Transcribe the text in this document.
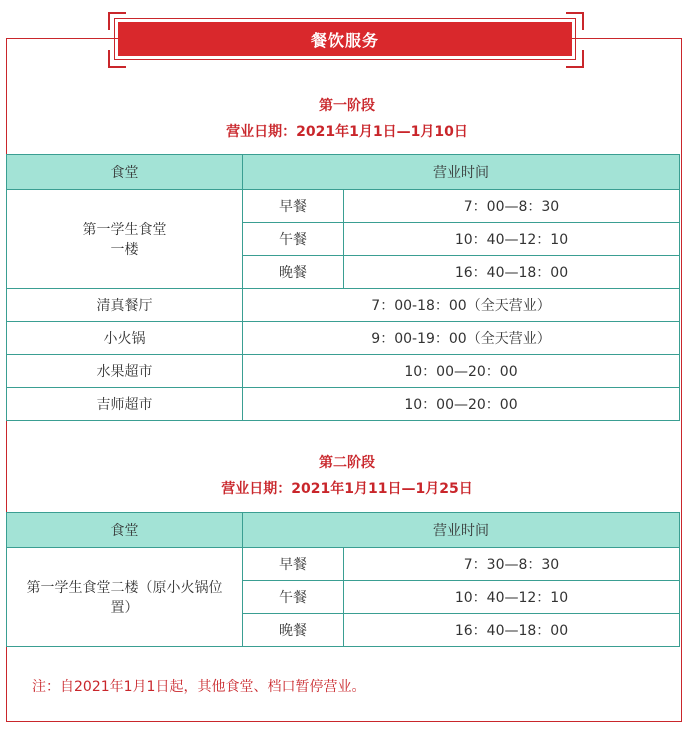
餐饮服务
第一阶段
营业日期：2021年1月1日—1月10日
食堂	营业时间	

第一学生食堂
一楼	早餐	7：00—8：30
	午餐	10：40—12：10
	晚餐	16：40—18：00
清真餐厅	7：00-18：00（全天营业）	
小火锅	9：00-19：00（全天营业）	
水果超市	10：00—20：00	
吉师超市	10：00—20：00	
第二阶段
营业日期：2021年1月11日—1月25日
食堂	营业时间	

第一学生食堂二楼（原小火锅位
置）	早餐	7：30—8：30
	午餐	10：40—12：10
	晚餐	16：40—18：00
注：自2021年1月1日起，其他食堂、档口暂停营业。
